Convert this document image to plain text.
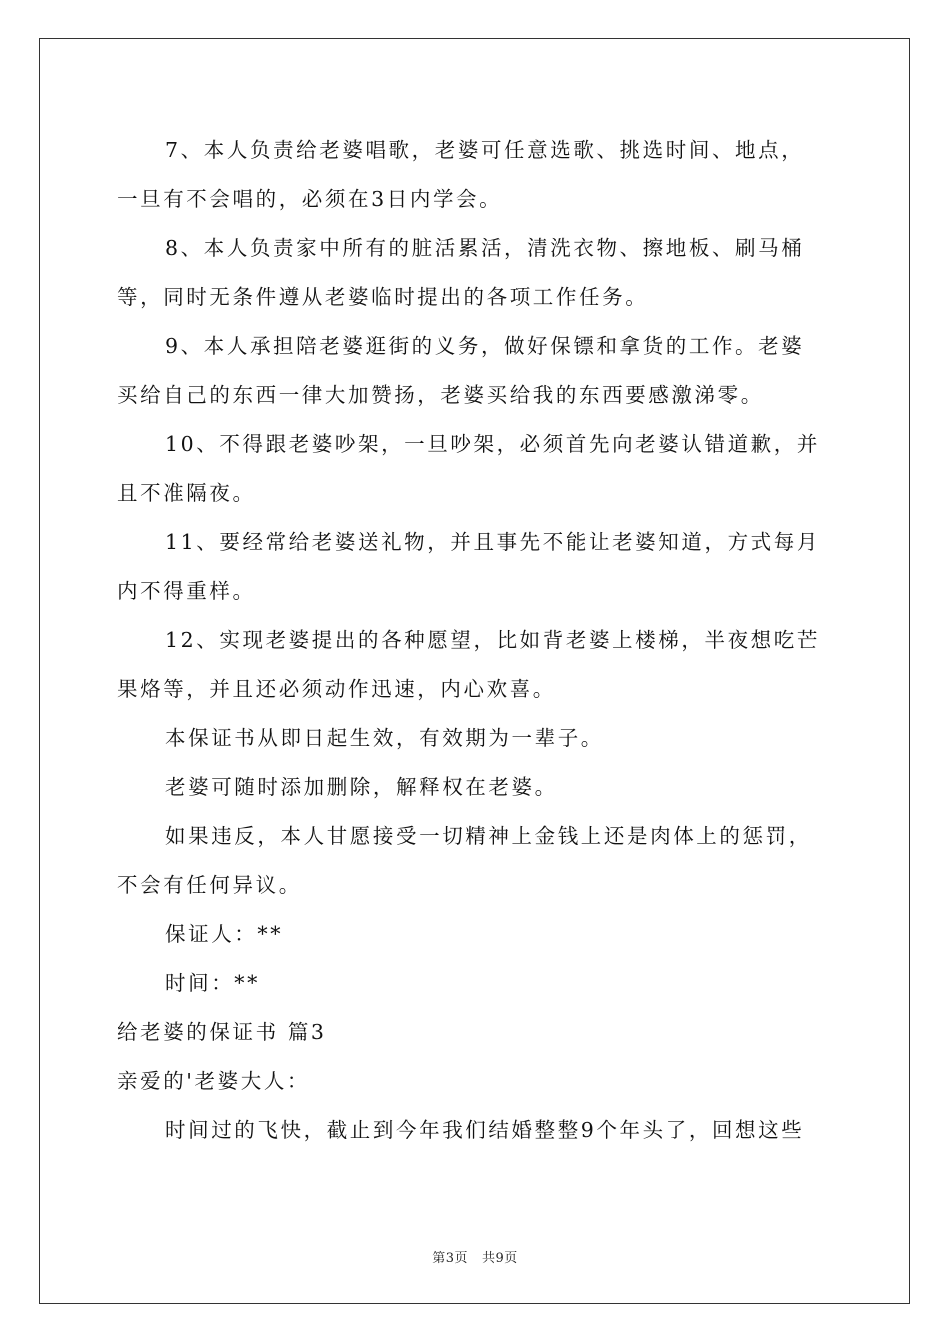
7、本人负责给老婆唱歌，老婆可任意选歌、挑选时间、地点，

一旦有不会唱的，必须在3日内学会。

8、本人负责家中所有的脏活累活，清洗衣物、擦地板、刷马桶

等，同时无条件遵从老婆临时提出的各项工作任务。

9、本人承担陪老婆逛街的义务，做好保镖和拿货的工作。老婆

买给自己的东西一律大加赞扬，老婆买给我的东西要感激涕零。

10、不得跟老婆吵架，一旦吵架，必须首先向老婆认错道歉，并

且不准隔夜。

11、要经常给老婆送礼物，并且事先不能让老婆知道，方式每月

内不得重样。

12、实现老婆提出的各种愿望，比如背老婆上楼梯，半夜想吃芒

果烙等，并且还必须动作迅速，内心欢喜。

本保证书从即日起生效，有效期为一辈子。

老婆可随时添加删除，解释权在老婆。

如果违反，本人甘愿接受一切精神上金钱上还是肉体上的惩罚，

不会有任何异议。

保证人：**

时间：**

给老婆的保证书 篇3

亲爱的'老婆大人：

时间过的飞快，截止到今年我们结婚整整9个年头了，回想这些

第3页 共9页
